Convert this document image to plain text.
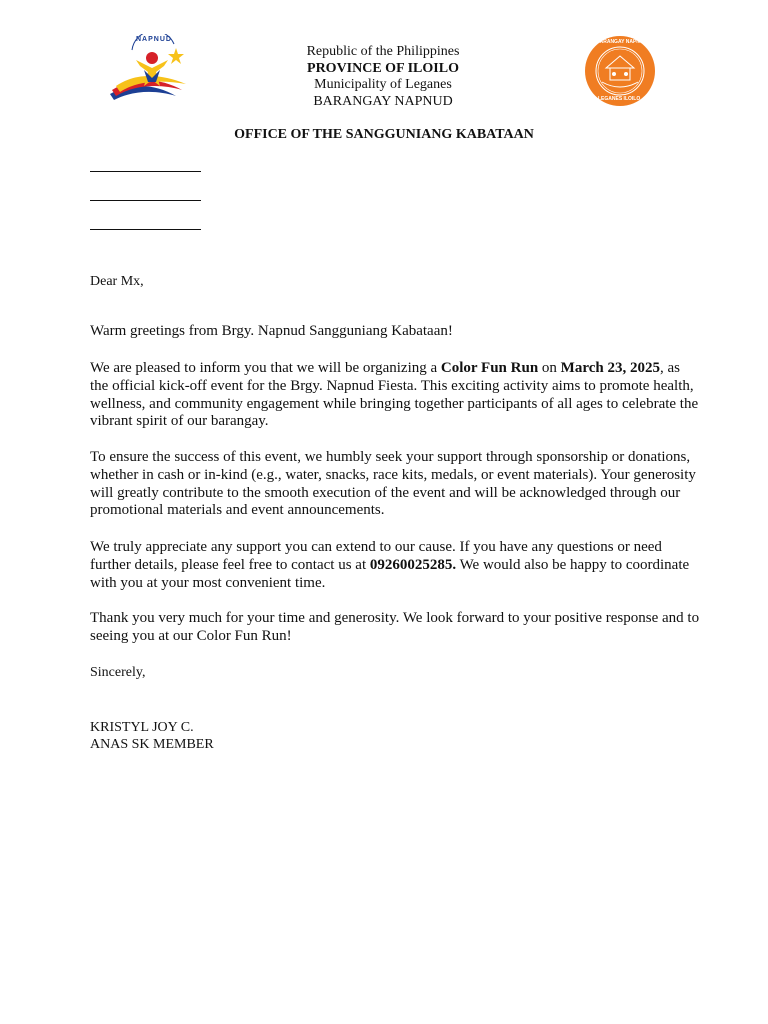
NAPNUD
Republic of the Philippines
PROVINCE OF ILOILO
Municipality of Leganes
BARANGAY NAPNUD
BARANGAY NAPNUD
LEGANES ILOILO
OFFICE OF THE SANGGUNIANG KABATAAN
Dear Mx,
Warm greetings from Brgy. Napnud Sangguniang Kabataan!
We are pleased to inform you that we will be organizing a Color Fun Run on March 23, 2025, as the official kick-off event for the Brgy. Napnud Fiesta. This exciting activity aims to promote health, wellness, and community engagement while bringing together participants of all ages to celebrate the vibrant spirit of our barangay.
To ensure the success of this event, we humbly seek your support through sponsorship or donations, whether in cash or in-kind (e.g., water, snacks, race kits, medals, or event materials). Your generosity will greatly contribute to the smooth execution of the event and will be acknowledged through our promotional materials and event announcements.
We truly appreciate any support you can extend to our cause. If you have any questions or need further details, please feel free to contact us at 09260025285. We would also be happy to coordinate with you at your most convenient time.
Thank you very much for your time and generosity. We look forward to your positive response and to seeing you at our Color Fun Run!
Sincerely,
KRISTYL JOY C.
ANAS SK MEMBER
